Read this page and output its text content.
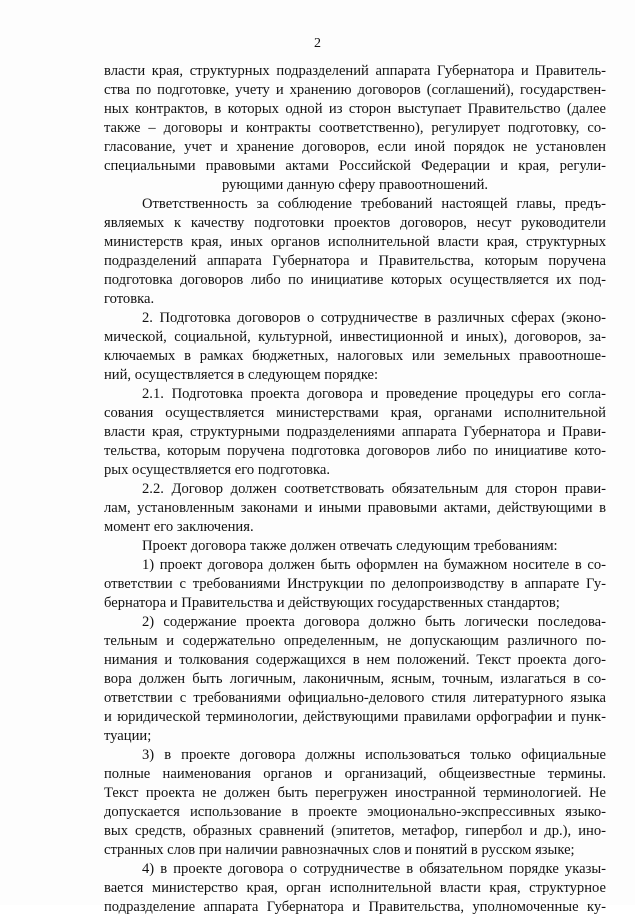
2
власти края, структурных подразделений аппарата Губернатора и Правитель-
ства по подготовке, учету и хранению договоров (соглашений), государствен-
ных контрактов, в которых одной из сторон выступает Правительство (далее
также – договоры и контракты соответственно), регулирует подготовку, со-
гласование, учет и хранение договоров, если иной порядок не установлен
специальными правовыми актами Российской Федерации и края, регули-
рующими данную сферу правоотношений.
Ответственность за соблюдение требований настоящей главы, предъ-
являемых к качеству подготовки проектов договоров, несут руководители
министерств края, иных органов исполнительной власти края, структурных
подразделений аппарата Губернатора и Правительства, которым поручена
подготовка договоров либо по инициативе которых осуществляется их под-
готовка.
2. Подготовка договоров о сотрудничестве в различных сферах (эконо-
мической, социальной, культурной, инвестиционной и иных), договоров, за-
ключаемых в рамках бюджетных, налоговых или земельных правоотноше-
ний, осуществляется в следующем порядке:
2.1. Подготовка проекта договора и проведение процедуры его согла-
сования осуществляется министерствами края, органами исполнительной
власти края, структурными подразделениями аппарата Губернатора и Прави-
тельства, которым поручена подготовка договоров либо по инициативе кото-
рых осуществляется его подготовка.
2.2. Договор должен соответствовать обязательным для сторон прави-
лам, установленным законами и иными правовыми актами, действующими в
момент его заключения.
Проект договора также должен отвечать следующим требованиям:
1) проект договора должен быть оформлен на бумажном носителе в со-
ответствии с требованиями Инструкции по делопроизводству в аппарате Гу-
бернатора и Правительства и действующих государственных стандартов;
2) содержание проекта договора должно быть логически последова-
тельным и содержательно определенным, не допускающим различного по-
нимания и толкования содержащихся в нем положений. Текст проекта дого-
вора должен быть логичным, лаконичным, ясным, точным, излагаться в со-
ответствии с требованиями официально-делового стиля литературного языка
и юридической терминологии, действующими правилами орфографии и пунк-
туации;
3) в проекте договора должны использоваться только официальные
полные наименования органов и организаций, общеизвестные термины.
Текст проекта не должен быть перегружен иностранной терминологией. Не
допускается использование в проекте эмоционально-экспрессивных языко-
вых средств, образных сравнений (эпитетов, метафор, гипербол и др.), ино-
странных слов при наличии равнозначных слов и понятий в русском языке;
4) в проекте договора о сотрудничестве в обязательном порядке указы-
вается министерство края, орган исполнительной власти края, структурное
подразделение аппарата Губернатора и Правительства, уполномоченные ку-
